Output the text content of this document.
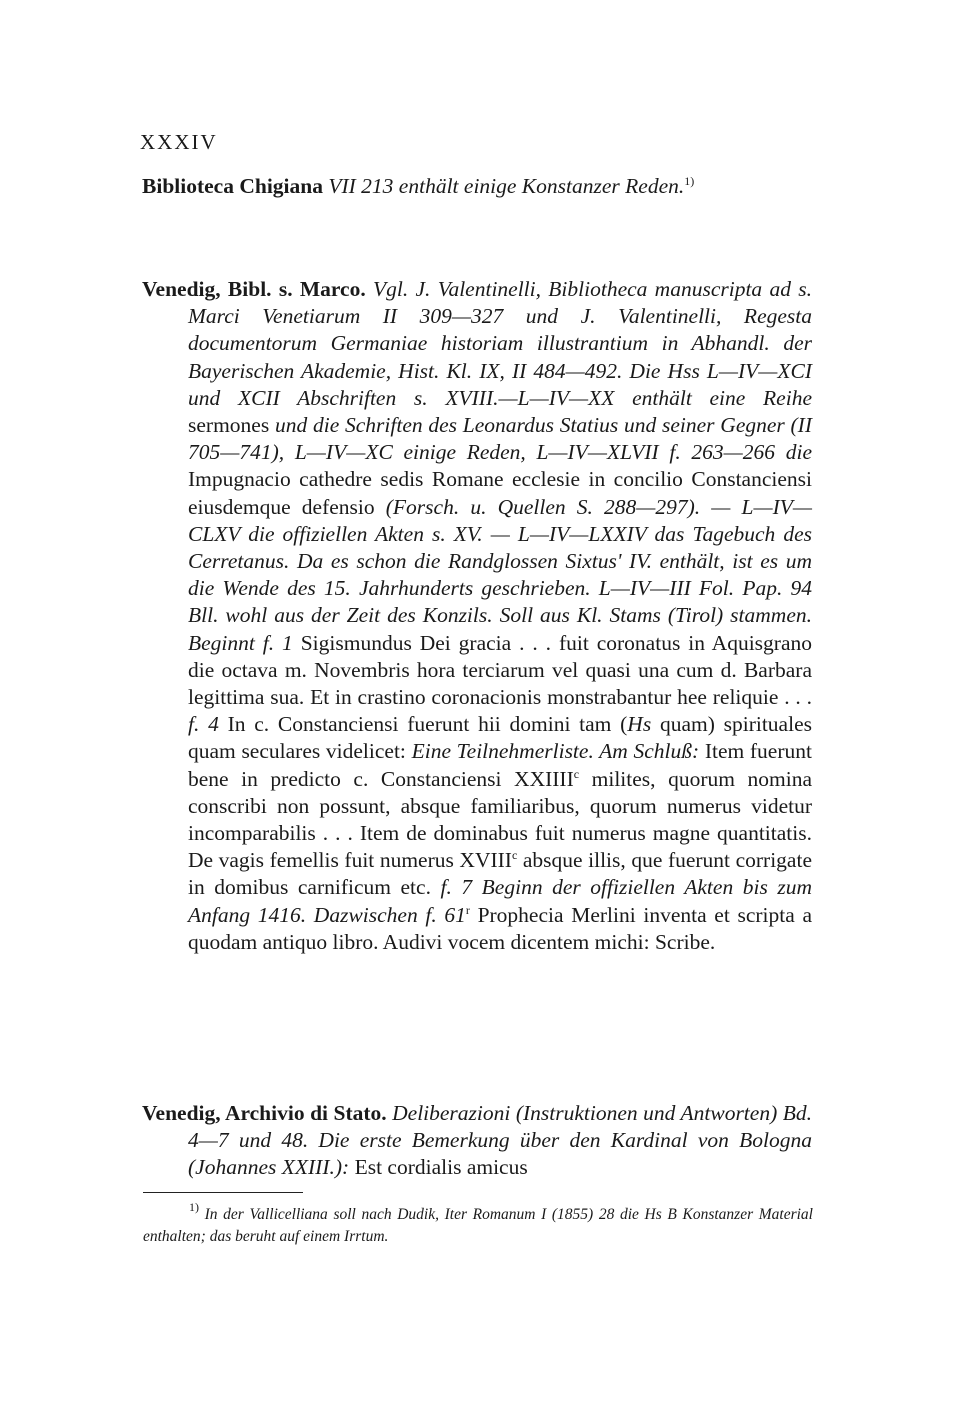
XXXIV

Biblioteca Chigiana VII 213 enthält einige Konstanzer Reden.$^{1)}$

Venedig, Bibl. s. Marco. Vgl. J. Valentinelli, Bibliotheca manuscripta ad s. Marci Venetiarum II 309—327 und J. Valentinelli, Regesta documentorum Germaniae historiam illustrantium in Abhandl. der Bayerischen Akademie, Hist. Kl. IX, II 484—492. Die Hss L—IV—XCI und XCII Abschriften s. XVIII.—L—IV—XX enthält eine Reihe sermones und die Schriften des Leonardus Statius und seiner Gegner (II 705—741), L—IV—XC einige Reden, L—IV—XLVII f. 263—266 die Impugnacio cathedre sedis Romane ecclesie in concilio Constanciensi eiusdemque defensio (Forsch. u. Quellen S. 288—297). — L—IV—CLXV die offiziellen Akten s. XV. — L—IV—LXXIV das Tagebuch des Cerretanus. Da es schon die Randglossen Sixtus' IV. enthält, ist es um die Wende des 15. Jahrhunderts geschrieben. L—IV—III Fol. Pap. 94 Bll. wohl aus der Zeit des Konzils. Soll aus Kl. Stams (Tirol) stammen. Beginnt f. 1 Sigismundus Dei gracia . . . fuit coronatus in Aquisgrano die octava m. Novembris hora terciarum vel quasi una cum d. Barbara legittima sua. Et in crastino coronacionis monstrabantur hee reliquie . . . f. 4 In c. Constanciensi fuerunt hii domini tam (Hs quam) spirituales quam seculares videlicet: Eine Teilnehmerliste. Am Schluß: Item fuerunt bene in predicto c. Constanciensi XXIIII$^c$ milites, quorum nomina conscribi non possunt, absque familiaribus, quorum numerus videtur incomparabilis . . . Item de dominabus fuit numerus magne quantitatis. De vagis femellis fuit numerus XVIII$^c$ absque illis, que fuerunt corrigate in domibus carnificum etc. f. 7 Beginn der offiziellen Akten bis zum Anfang 1416. Dazwischen f. 61$^r$ Prophecia Merlini inventa et scripta a quodam antiquo libro. Audivi vocem dicentem michi: Scribe.

Venedig, Archivio di Stato. Deliberazioni (Instruktionen und Antworten) Bd. 4—7 und 48. Die erste Bemerkung über den Kardinal von Bologna (Johannes XXIII.): Est cordialis amicus

$^{1)}$ In der Vallicelliana soll nach Dudik, Iter Romanum I (1855) 28 die Hs B Konstanzer Material enthalten; das beruht auf einem Irrtum.
